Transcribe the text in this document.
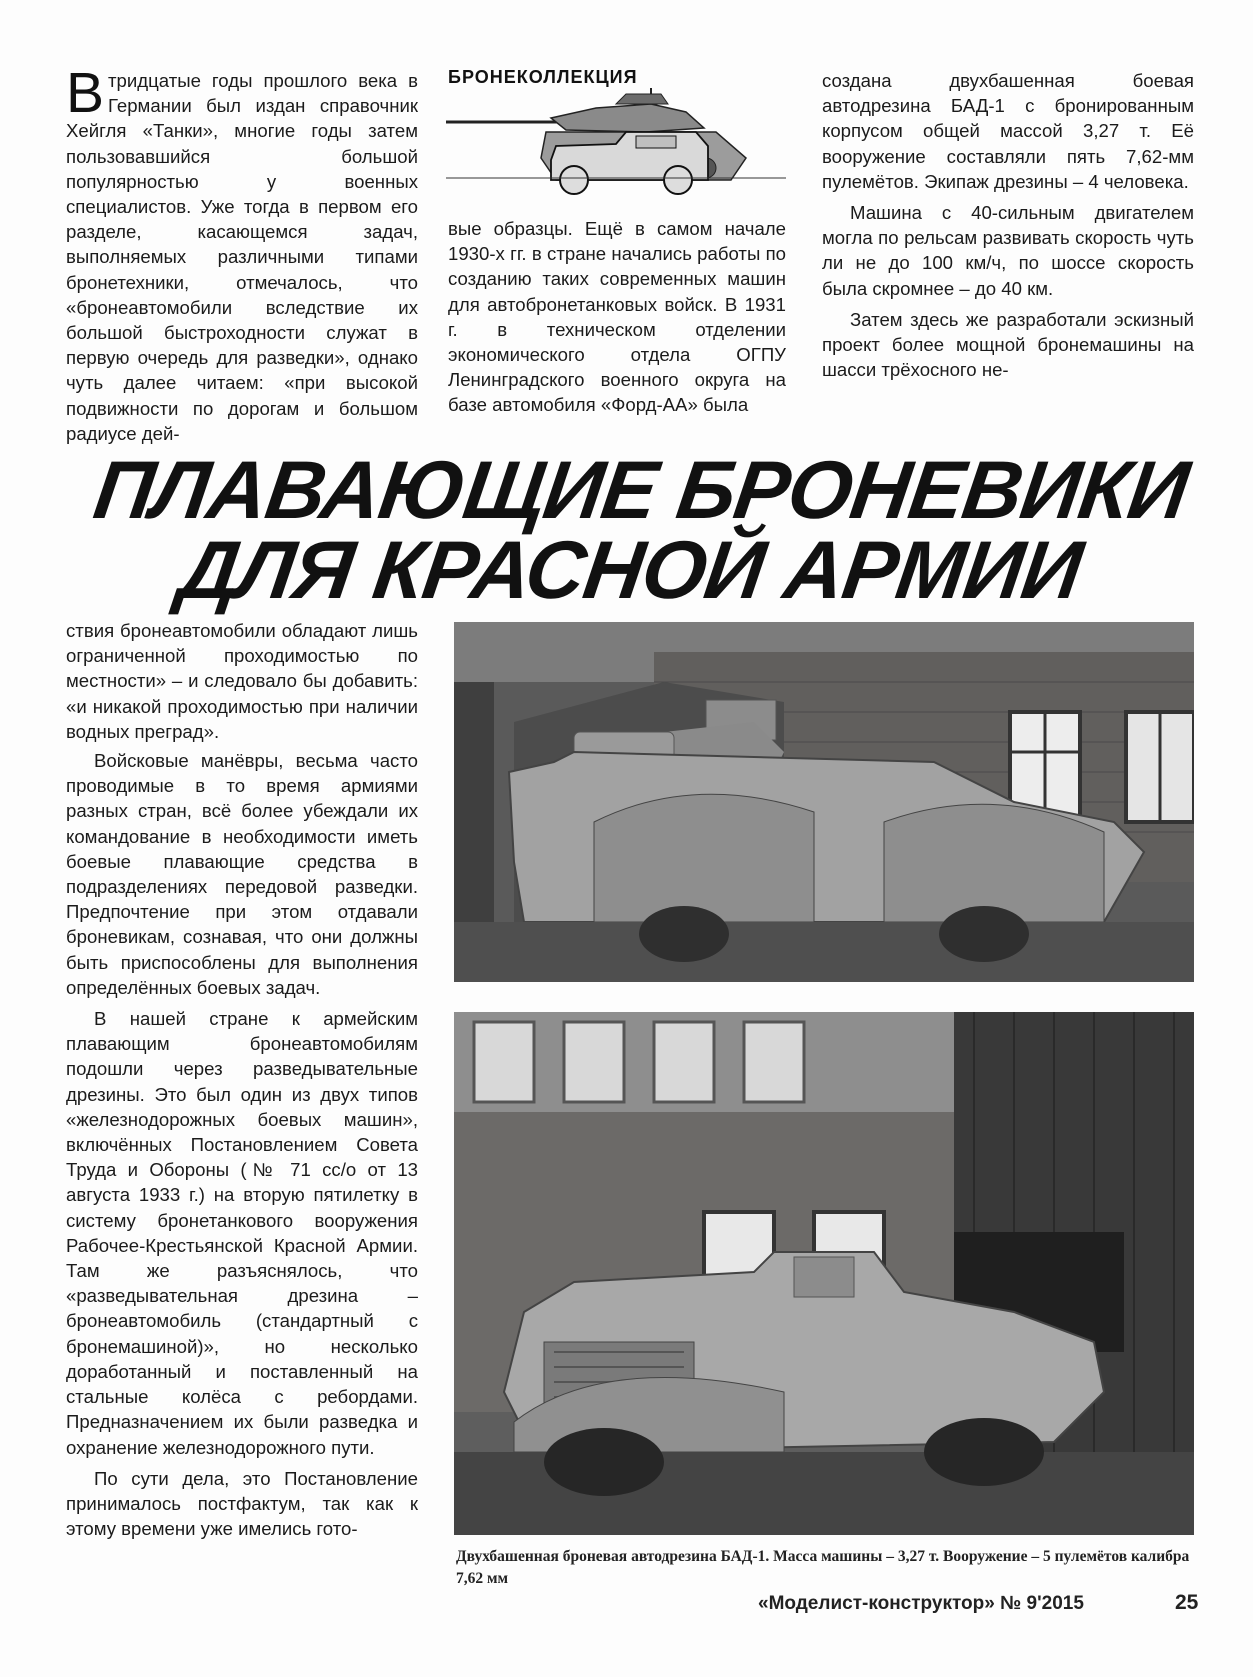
В тридцатые годы прошлого века в Германии был издан справочник Хейгля «Танки», многие годы затем пользовавшийся большой популярностью у военных специалистов. Уже тогда в первом его разделе, касающемся задач, выполняемых различными типами бронетехники, отмечалось, что «бронеавтомобили вследствие их большой быстроходности служат в первую очередь для разведки», однако чуть далее читаем: «при высокой подвижности по дорогам и большом радиусе дей-

БРОНЕКОЛЛЕКЦИЯ

вые образцы. Ещё в самом начале 1930-х гг. в стране начались работы по созданию таких современных машин для автобронетанковых войск. В 1931 г. в техническом отделении экономического отдела ОГПУ Ленинградского военного округа на базе автомобиля «Форд-АА» была

создана двухбашенная боевая автодрезина БАД-1 с бронированным корпусом общей массой 3,27 т. Её вооружение составляли пять 7,62-мм пулемётов. Экипаж дрезины – 4 человека.

Машина с 40-сильным двигателем могла по рельсам развивать скорость чуть ли не до 100 км/ч, по шоссе скорость была скромнее – до 40 км.

Затем здесь же разработали эскизный проект более мощной бронемашины на шасси трёхосного не-

ПЛАВАЮЩИЕ БРОНЕВИКИ
ДЛЯ КРАСНОЙ АРМИИ

ствия бронеавтомобили обладают лишь ограниченной проходимостью по местности» – и следовало бы добавить: «и никакой проходимостью при наличии водных преград».

Войсковые манёвры, весьма часто проводимые в то время армиями разных стран, всё более убеждали их командование в необходимости иметь боевые плавающие средства в подразделениях передовой разведки. Предпочтение при этом отдавали броневикам, сознавая, что они должны быть приспособлены для выполнения определённых боевых задач.

В нашей стране к армейским плавающим бронеавтомобилям подошли через разведывательные дрезины. Это был один из двух типов «железнодорожных боевых машин», включённых Постановлением Совета Труда и Обороны (№ 71 сс/о от 13 августа 1933 г.) на вторую пятилетку в систему бронетанкового вооружения Рабочее-Крестьянской Красной Армии. Там же разъяснялось, что «разведывательная дрезина – бронеавтомобиль (стандартный с бронемашиной)», но несколько доработанный и поставленный на стальные колёса с ребордами. Предназначением их были разведка и охранение железнодорожного пути.

По сути дела, это Постановление принималось постфактум, так как к этому времени уже имелись гото-

Двухбашенная броневая автодрезина БАД-1. Масса машины – 3,27 т. Вооружение – 5 пулемётов калибра 7,62 мм
«Моделист-конструктор» № 9'2015	25
